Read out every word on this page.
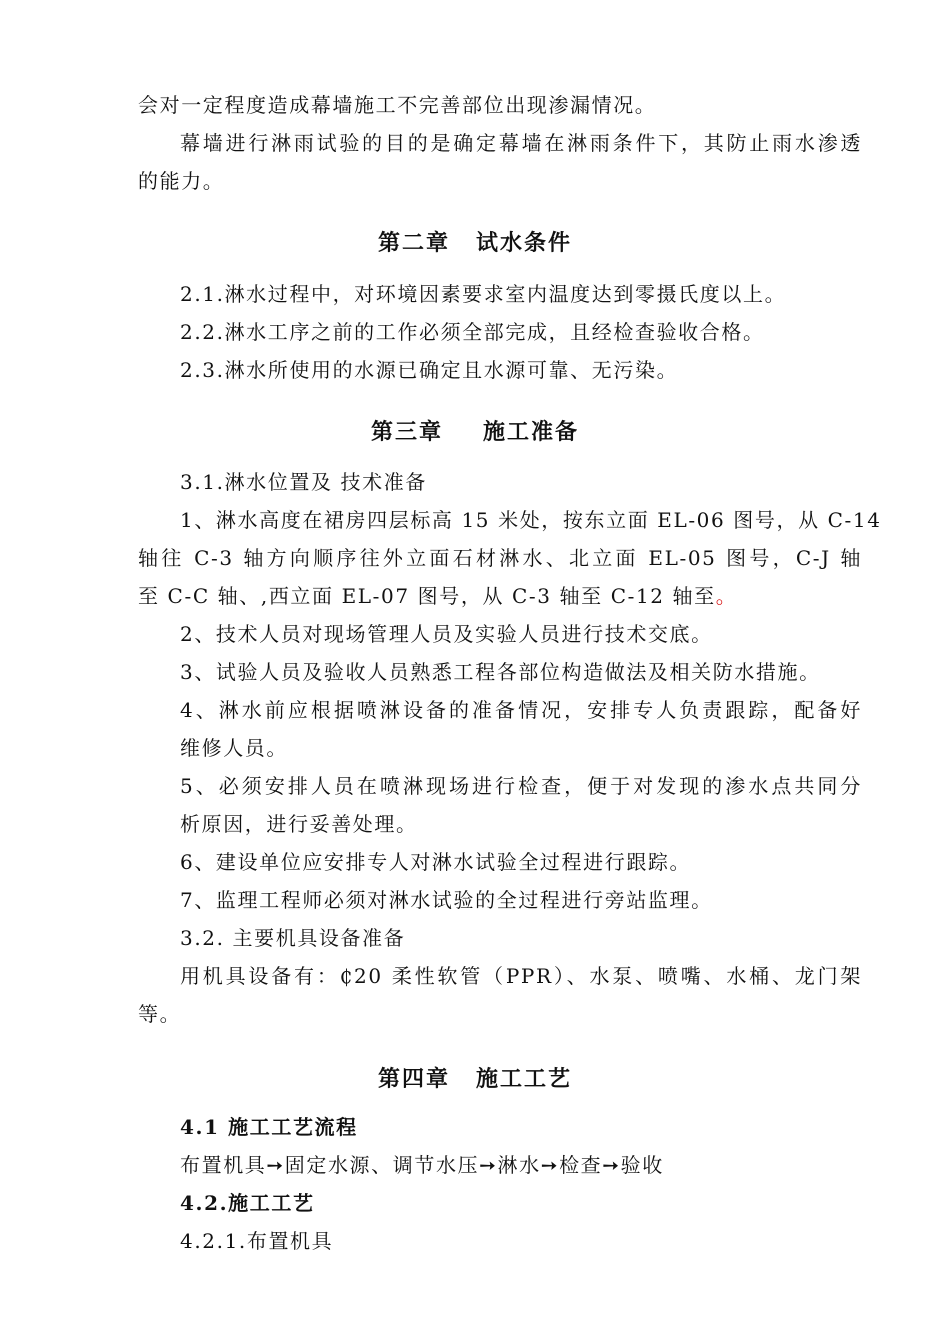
会对一定程度造成幕墙施工不完善部位出现渗漏情况。
幕墙进行淋雨试验的目的是确定幕墙在淋雨条件下，其防止雨水渗透
的能力。
第二章 试水条件
2.1.淋水过程中，对环境因素要求室内温度达到零摄氏度以上。
2.2.淋水工序之前的工作必须全部完成，且经检查验收合格。
2.3.淋水所使用的水源已确定且水源可靠、无污染。
第三章 施工准备
3.1.淋水位置及 技术准备
1、淋水高度在裙房四层标高 15 米处，按东立面 EL-06 图号，从 C-14
轴往 C-3 轴方向顺序往外立面石材淋水、北立面 EL-05 图号，C-J 轴
至 C-C 轴、,西立面 EL-07 图号，从 C-3 轴至 C-12 轴至。
2、技术人员对现场管理人员及实验人员进行技术交底。
3、试验人员及验收人员熟悉工程各部位构造做法及相关防水措施。
4、淋水前应根据喷淋设备的准备情况，安排专人负责跟踪，配备好
维修人员。
5、必须安排人员在喷淋现场进行检查，便于对发现的渗水点共同分
析原因，进行妥善处理。
6、建设单位应安排专人对淋水试验全过程进行跟踪。
7、监理工程师必须对淋水试验的全过程进行旁站监理。
3.2. 主要机具设备准备
用机具设备有：₵20 柔性软管（PPR）、水泵、喷嘴、水桶、龙门架
等。
第四章 施工工艺
4.1 施工工艺流程
布置机具➙固定水源、调节水压➙淋水➙检查➙验收
4.2.施工工艺
4.2.1.布置机具
